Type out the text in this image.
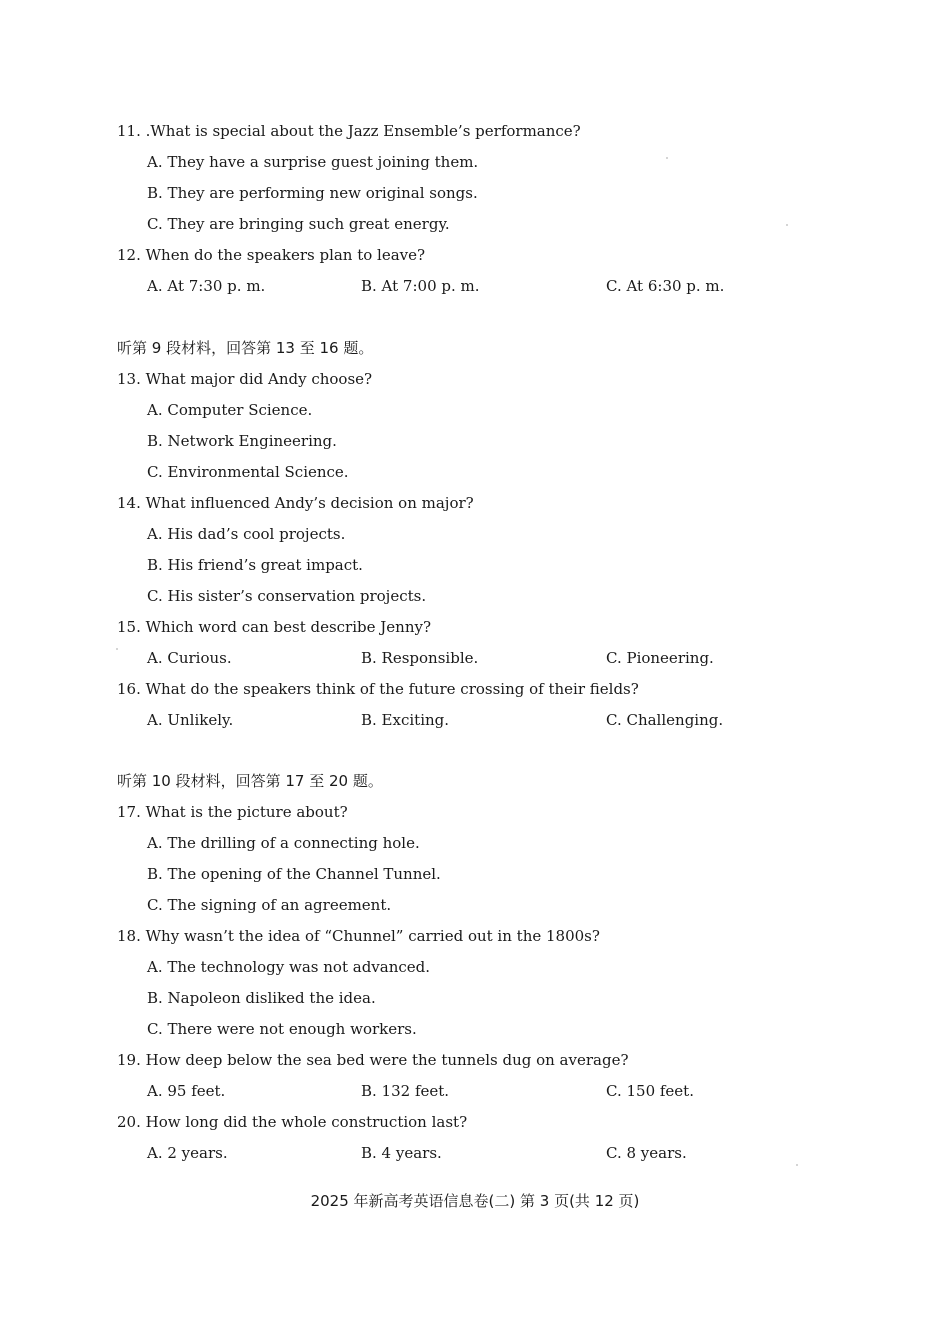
11. .What is special about the Jazz Ensemble’s performance?
A. They have a surprise guest joining them.
B. They are performing new original songs.
C. They are bringing such great energy.
12. When do the speakers plan to leave?
A. At 7:30 p. m.	B. At 7:00 p. m.	C. At 6:30 p. m.
听第 9 段材料，回答第 13 至 16 题。
13. What major did Andy choose?
A. Computer Science.
B. Network Engineering.
C. Environmental Science.
14. What influenced Andy’s decision on major?
A. His dad’s cool projects.
B. His friend’s great impact.
C. His sister’s conservation projects.
15. Which word can best describe Jenny?
A. Curious.	B. Responsible.	C. Pioneering.
16. What do the speakers think of the future crossing of their fields?
A. Unlikely.	B. Exciting.	C. Challenging.
听第 10 段材料，回答第 17 至 20 题。
17. What is the picture about?
A. The drilling of a connecting hole.
B. The opening of the Channel Tunnel.
C. The signing of an agreement.
18. Why wasn’t the idea of “Chunnel” carried out in the 1800s?
A. The technology was not advanced.
B. Napoleon disliked the idea.
C. There were not enough workers.
19. How deep below the sea bed were the tunnels dug on average?
A. 95 feet.	B. 132 feet.	C. 150 feet.
20. How long did the whole construction last?
A. 2 years.	B. 4 years.	C. 8 years.
2025 年新高考英语信息卷(二) 第 3 页(共 12 页)
